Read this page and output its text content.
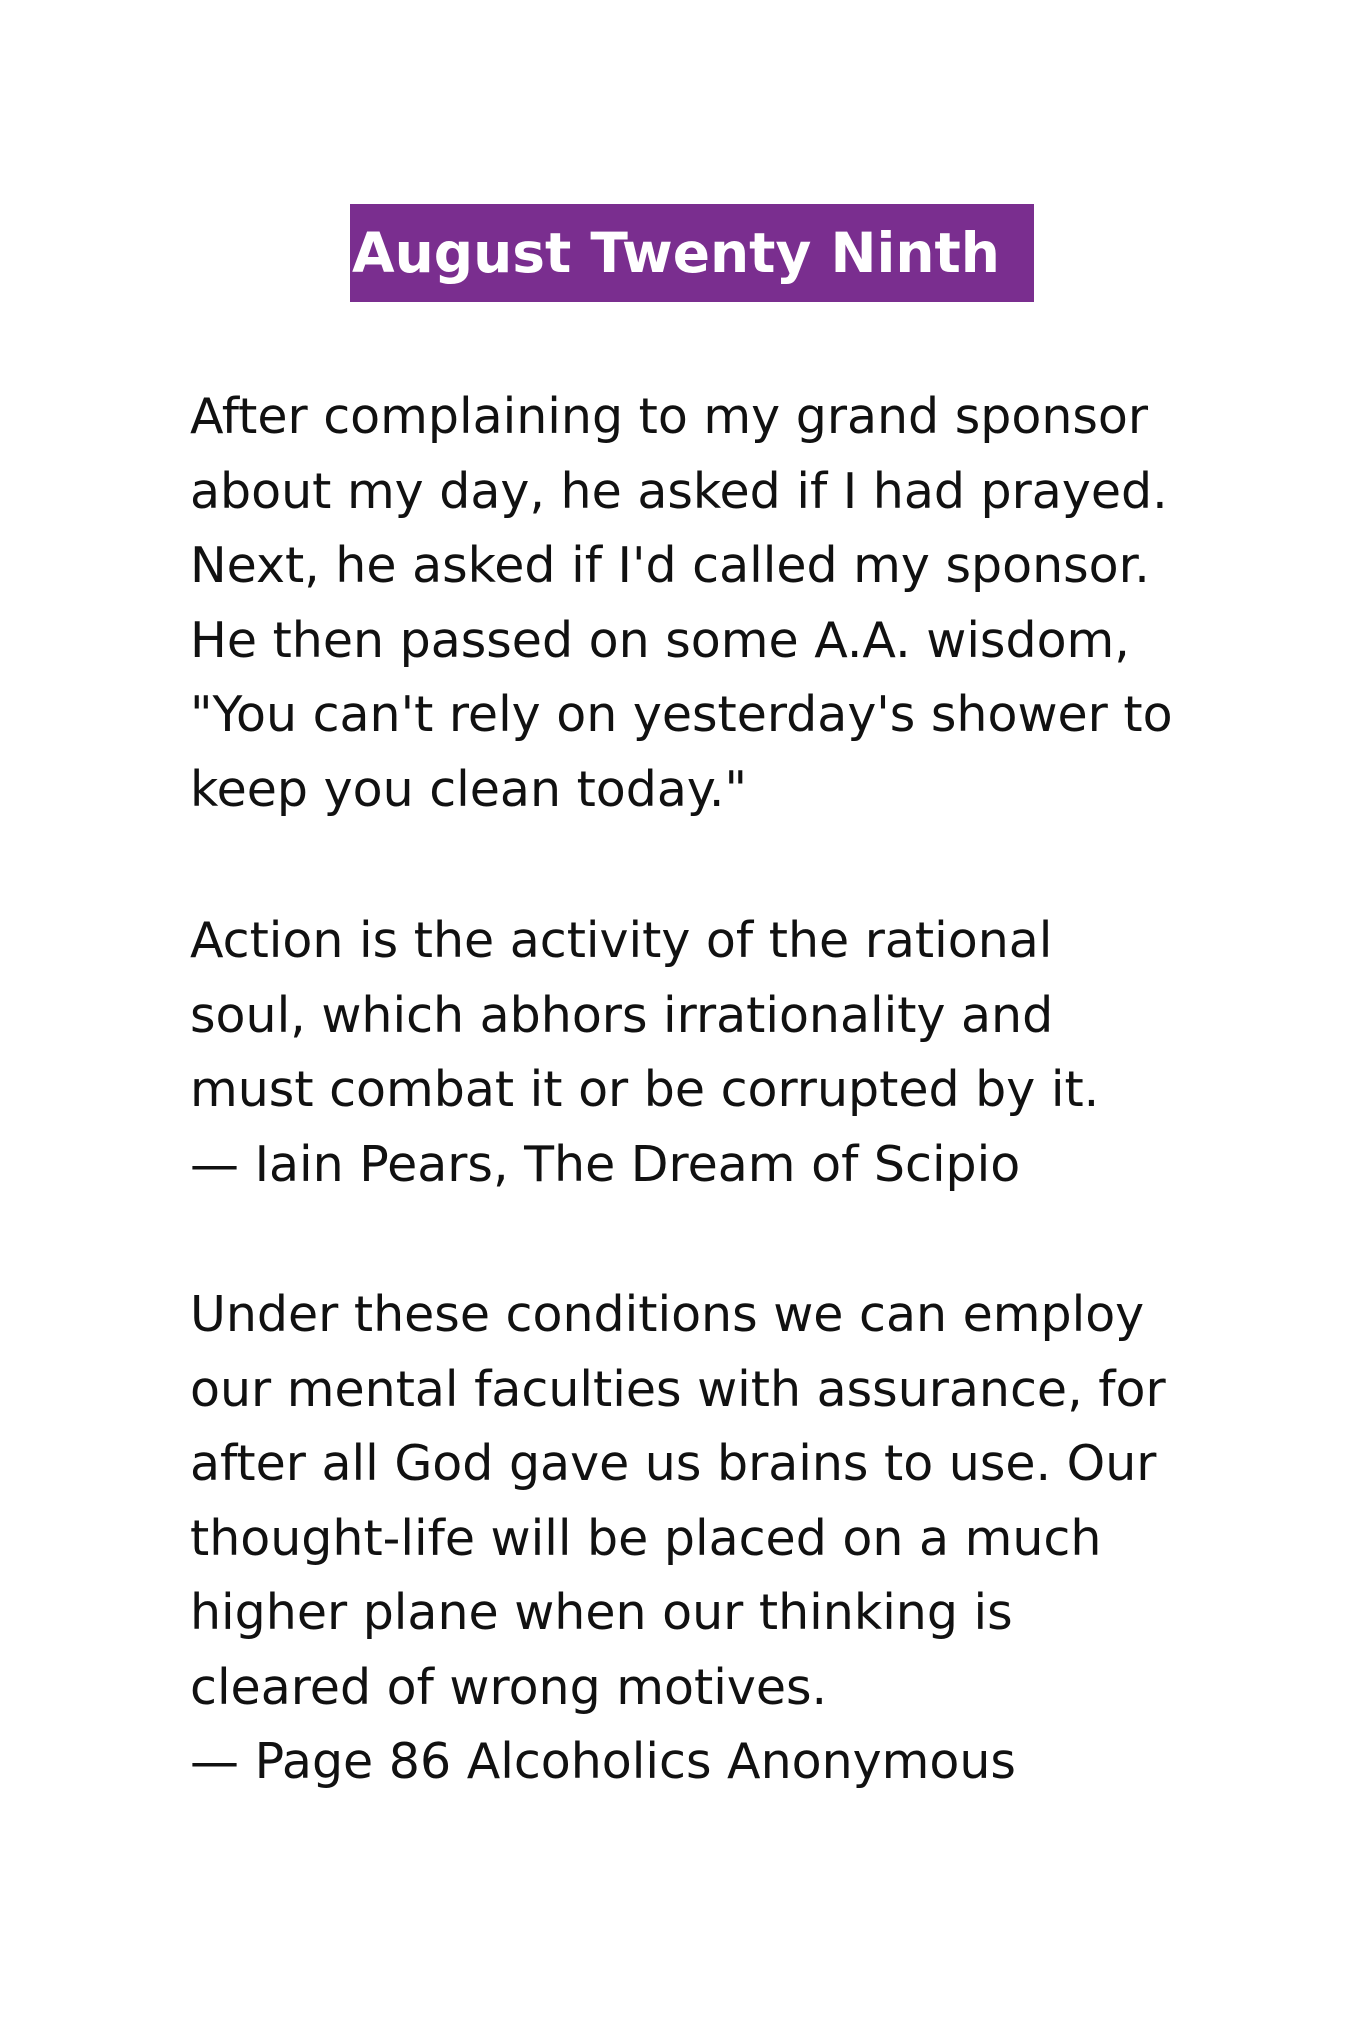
August Twenty Ninth

After complaining to my grand sponsor
about my day, he asked if I had prayed.
Next, he asked if I'd called my sponsor.
He then passed on some A.A. wisdom,
"You can't rely on yesterday's shower to
keep you clean today."

Action is the activity of the rational
soul, which abhors irrationality and
must combat it or be corrupted by it.
— Iain Pears, The Dream of Scipio

Under these conditions we can employ
our mental faculties with assurance, for
after all God gave us brains to use. Our
thought-life will be placed on a much
higher plane when our thinking is
cleared of wrong motives.
— Page 86 Alcoholics Anonymous
